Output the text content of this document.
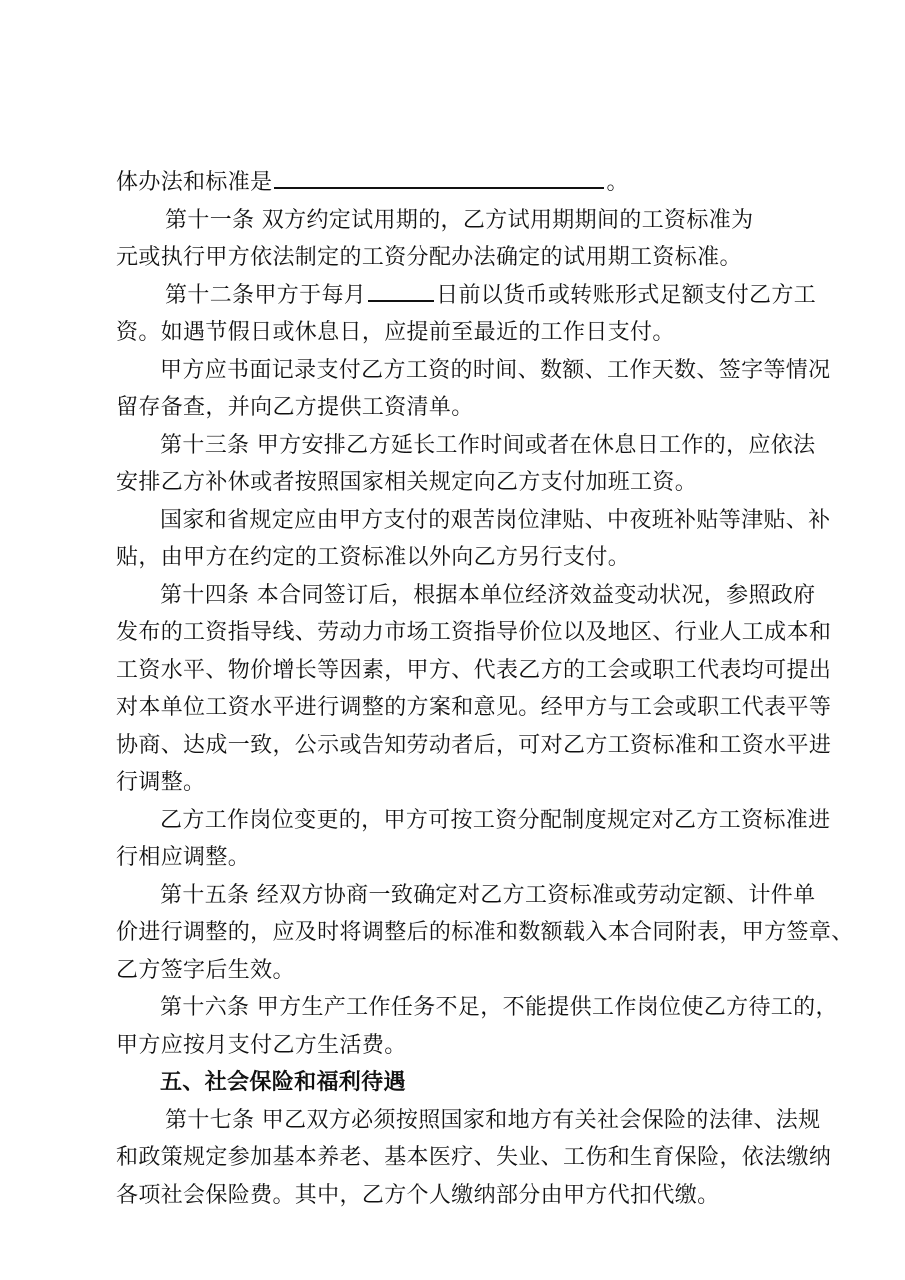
体办法和标准是	。
第十一条 双方约定试用期的，乙方试用期期间的工资标准为
元或执行甲方依法制定的工资分配办法确定的试用期工资标准。
第十二条甲方于每月	日前以货币或转账形式足额支付乙方工
资。如遇节假日或休息日，应提前至最近的工作日支付。
甲方应书面记录支付乙方工资的时间、数额、工作天数、签字等情况
留存备查，并向乙方提供工资清单。
第十三条 甲方安排乙方延长工作时间或者在休息日工作的，应依法
安排乙方补休或者按照国家相关规定向乙方支付加班工资。
国家和省规定应由甲方支付的艰苦岗位津贴、中夜班补贴等津贴、补
贴，由甲方在约定的工资标准以外向乙方另行支付。
第十四条 本合同签订后，根据本单位经济效益变动状况，参照政府
发布的工资指导线、劳动力市场工资指导价位以及地区、行业人工成本和
工资水平、物价增长等因素，甲方、代表乙方的工会或职工代表均可提出
对本单位工资水平进行调整的方案和意见。经甲方与工会或职工代表平等
协商、达成一致，公示或告知劳动者后，可对乙方工资标准和工资水平进
行调整。
乙方工作岗位变更的，甲方可按工资分配制度规定对乙方工资标准进
行相应调整。
第十五条 经双方协商一致确定对乙方工资标准或劳动定额、计件单
价进行调整的，应及时将调整后的标准和数额载入本合同附表，甲方签章、
乙方签字后生效。
第十六条 甲方生产工作任务不足，不能提供工作岗位使乙方待工的，
甲方应按月支付乙方生活费。
五、社会保险和福利待遇
第十七条 甲乙双方必须按照国家和地方有关社会保险的法律、法规
和政策规定参加基本养老、基本医疗、失业、工伤和生育保险，依法缴纳
各项社会保险费。其中，乙方个人缴纳部分由甲方代扣代缴。
